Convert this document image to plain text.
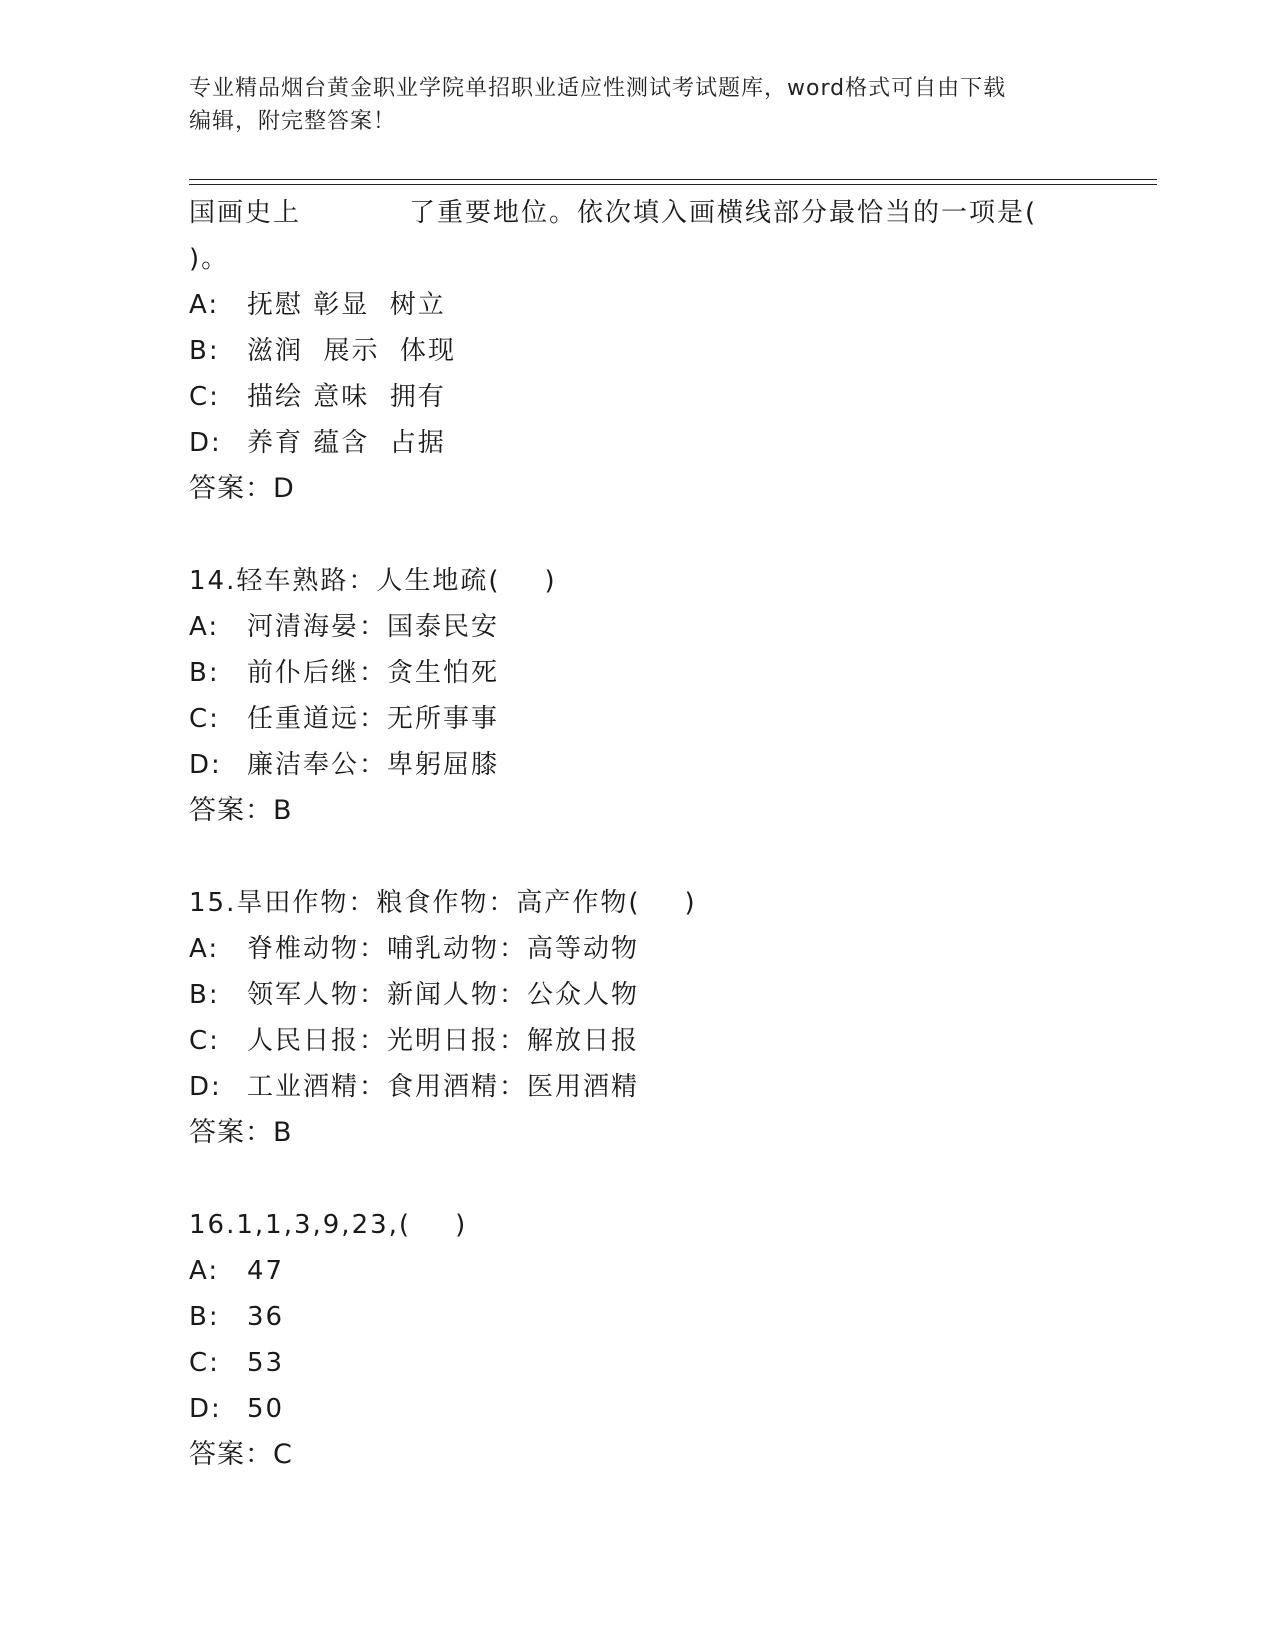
专业精品烟台黄金职业学院单招职业适应性测试考试题库，word格式可自由下载
编辑，附完整答案！
国画史上	了重要地位。依次填入画横线部分最恰当的一项是(
)。
A: 抚慰 彰显  树立
B: 滋润  展示  体现
C: 描绘 意味  拥有
D: 养育 蕴含  占据
答案：D
14.轻车熟路：人生地疏( )
A: 河清海晏：国泰民安
B: 前仆后继：贪生怕死
C: 任重道远：无所事事
D: 廉洁奉公：卑躬屈膝
答案：B
15.旱田作物：粮食作物：高产作物( )
A: 脊椎动物：哺乳动物：高等动物
B: 领军人物：新闻人物：公众人物
C: 人民日报：光明日报：解放日报
D: 工业酒精：食用酒精：医用酒精
答案：B
16.1,1,3,9,23,( )
A: 47
B: 36
C: 53
D: 50
答案：C
